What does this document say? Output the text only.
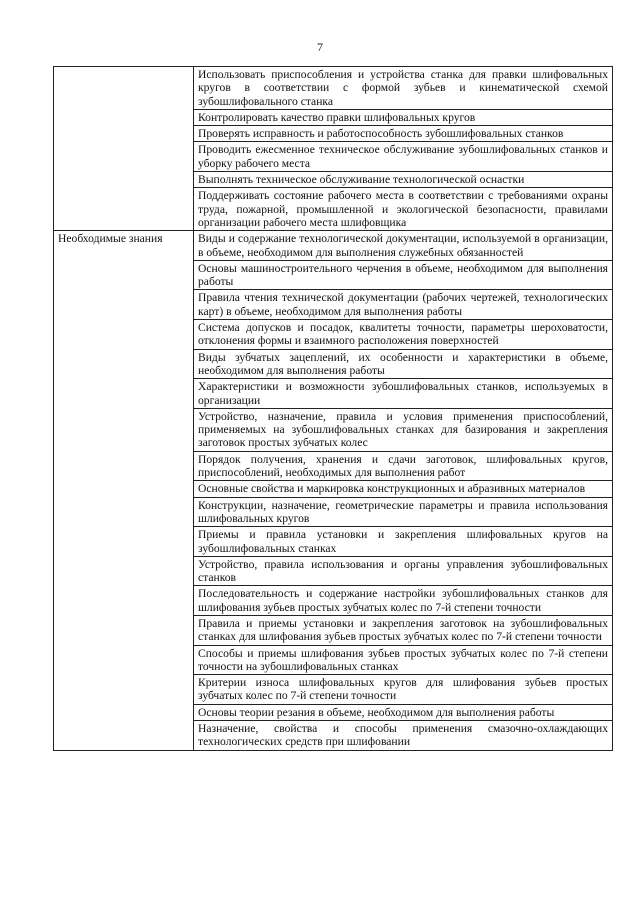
7
	Использовать приспособления и устройства станка для правки шлифовальных кругов в соответствии с формой зубьев и кинематической схемой зубошлифовального станка
	Контролировать качество правки шлифовальных кругов
	Проверять исправность и работоспособность зубошлифовальных станков
	Проводить ежесменное техническое обслуживание зубошлифовальных станков и уборку рабочего места
	Выполнять техническое обслуживание технологической оснастки
	Поддерживать состояние рабочего места в соответствии с требованиями охраны труда, пожарной, промышленной и экологической безопасности, правилами организации рабочего места шлифовщика
Необходимые знания	Виды и содержание технологической документации, используемой в организации, в объеме, необходимом для выполнения служебных обязанностей
	Основы машиностроительного черчения в объеме, необходимом для выполнения работы
	Правила чтения технической документации (рабочих чертежей, технологических карт) в объеме, необходимом для выполнения работы
	Система допусков и посадок, квалитеты точности, параметры шероховатости, отклонения формы и взаимного расположения поверхностей
	Виды зубчатых зацеплений, их особенности и характеристики в объеме, необходимом для выполнения работы
	Характеристики и возможности зубошлифовальных станков, используемых в организации
	Устройство, назначение, правила и условия применения приспособлений, применяемых на зубошлифовальных станках для базирования и закрепления заготовок простых зубчатых колес
	Порядок получения, хранения и сдачи заготовок, шлифовальных кругов, приспособлений, необходимых для выполнения работ
	Основные свойства и маркировка конструкционных и абразивных материалов
	Конструкции, назначение, геометрические параметры и правила использования шлифовальных кругов
	Приемы и правила установки и закрепления шлифовальных кругов на зубошлифовальных станках
	Устройство, правила использования и органы управления зубошлифовальных станков
	Последовательность и содержание настройки зубошлифовальных станков для шлифования зубьев простых зубчатых колес по 7-й степени точности
	Правила и приемы установки и закрепления заготовок на зубошлифовальных станках для шлифования зубьев простых зубчатых колес по 7-й степени точности
	Способы и приемы шлифования зубьев простых зубчатых колес по 7-й степени точности на зубошлифовальных станках
	Критерии износа шлифовальных кругов для шлифования зубьев простых зубчатых колес по 7-й степени точности
	Основы теории резания в объеме, необходимом для выполнения работы
	Назначение, свойства и способы применения смазочно-охлаждающих технологических средств при шлифовании
